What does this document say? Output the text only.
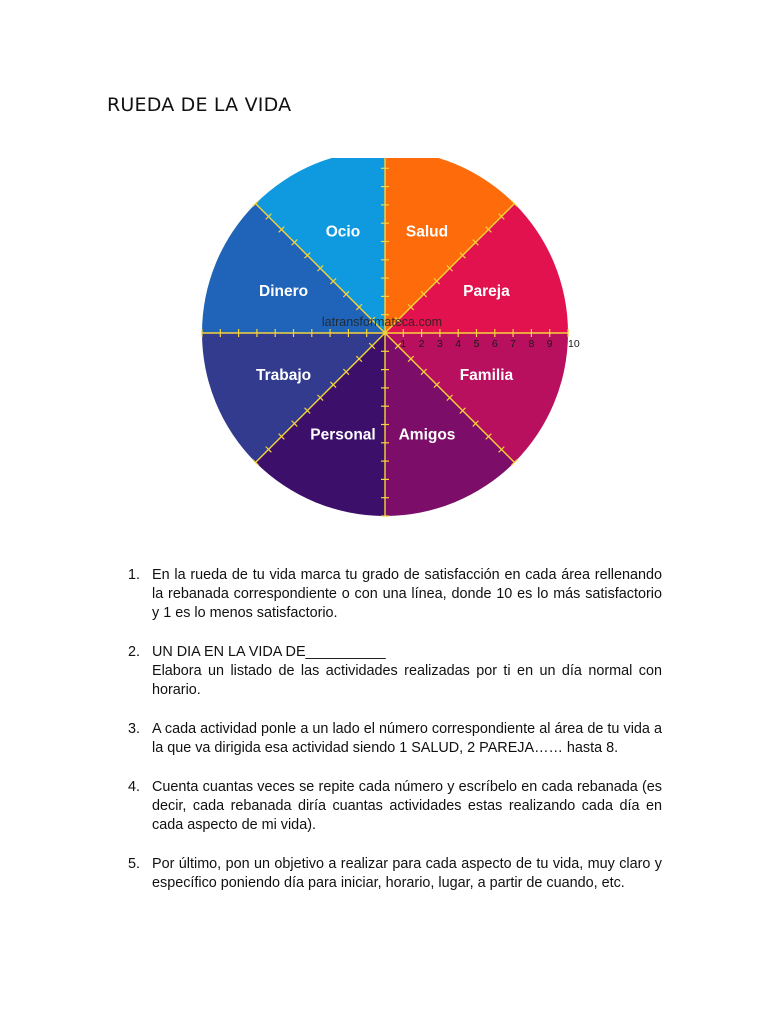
RUEDA DE LA VIDA
Salud
Pareja
Familia
Amigos
Personal
Trabajo
Dinero
Ocio
latransformateca.com
1 2 3 4 5 6 7 8 9 10
1. En la rueda de tu vida marca tu grado de satisfacción en cada área rellenando la rebanada correspondiente o con una línea, donde 10 es lo más satisfactorio y 1 es lo menos satisfactorio.
2. UN DIA EN LA VIDA DE__________
Elabora un listado de las actividades realizadas por ti en un día normal con horario.
3. A cada actividad ponle a un lado el número correspondiente al área de tu vida a la que va dirigida esa actividad siendo 1 SALUD, 2 PAREJA…… hasta 8.
4. Cuenta cuantas veces se repite cada número y escríbelo en cada rebanada (es decir, cada rebanada diría cuantas actividades estas realizando cada día en cada aspecto de mi vida).
5. Por último, pon un objetivo a realizar para cada aspecto de tu vida, muy claro y específico poniendo día para iniciar, horario, lugar, a partir de cuando, etc.
